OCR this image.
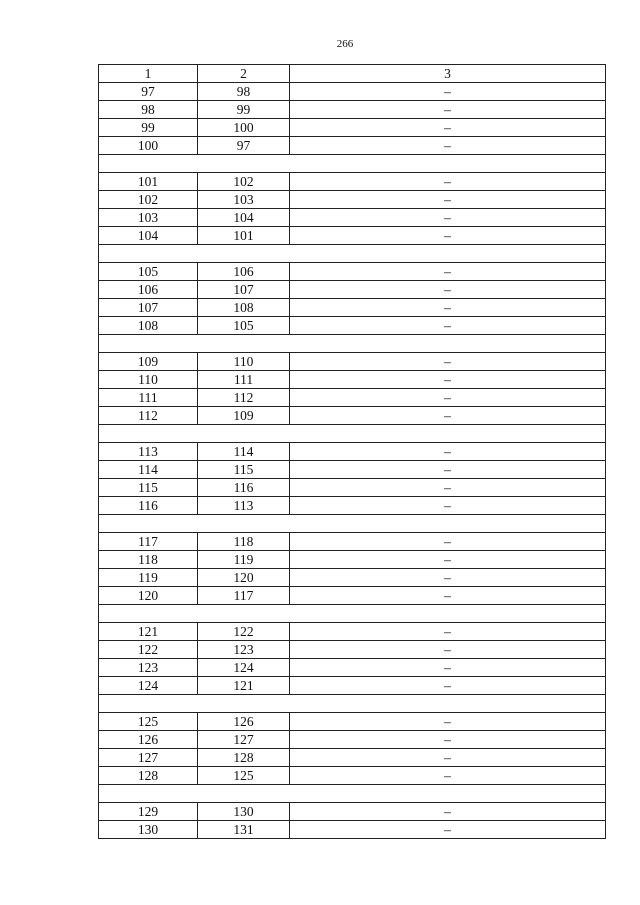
266
1	2	3
97	98	–
98	99	–
99	100	–
100	97	–

101	102	–
102	103	–
103	104	–
104	101	–

105	106	–
106	107	–
107	108	–
108	105	–

109	110	–
110	111	–
111	112	–
112	109	–

113	114	–
114	115	–
115	116	–
116	113	–

117	118	–
118	119	–
119	120	–
120	117	–

121	122	–
122	123	–
123	124	–
124	121	–

125	126	–
126	127	–
127	128	–
128	125	–

129	130	–
130	131	–
